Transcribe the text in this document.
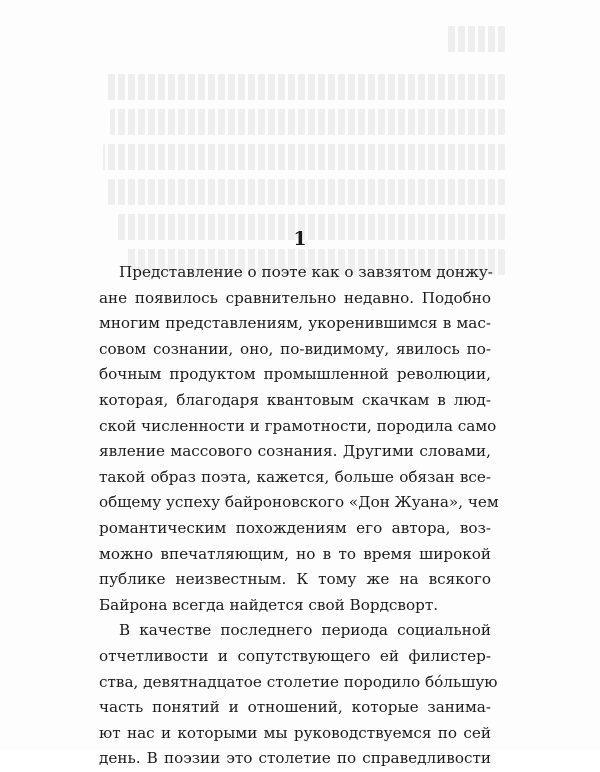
1
Представление о поэте как о завзятом донжу-
ане появилось сравнительно недавно. Подобно
многим представлениям, укоренившимся в мас-
совом сознании, оно, по-видимому, явилось по-
бочным продуктом промышленной революции,
которая, благодаря квантовым скачкам в люд-
ской численности и грамотности, породила само
явление массового сознания. Другими словами,
такой образ поэта, кажется, больше обязан все-
общему успеху байроновского «Дон Жуана», чем
романтическим похождениям его автора, воз-
можно впечатляющим, но в то время широкой
публике неизвестным. К тому же на всякого
Байрона всегда найдется свой Вордсворт.
В качестве последнего периода социальной
отчетливости и сопутствующего ей филистер-
ства, девятнадцатое столетие породило бóльшую
часть понятий и отношений, которые занима-
ют нас и которыми мы руководствуемся по сей
день. В поэзии это столетие по справедливости
